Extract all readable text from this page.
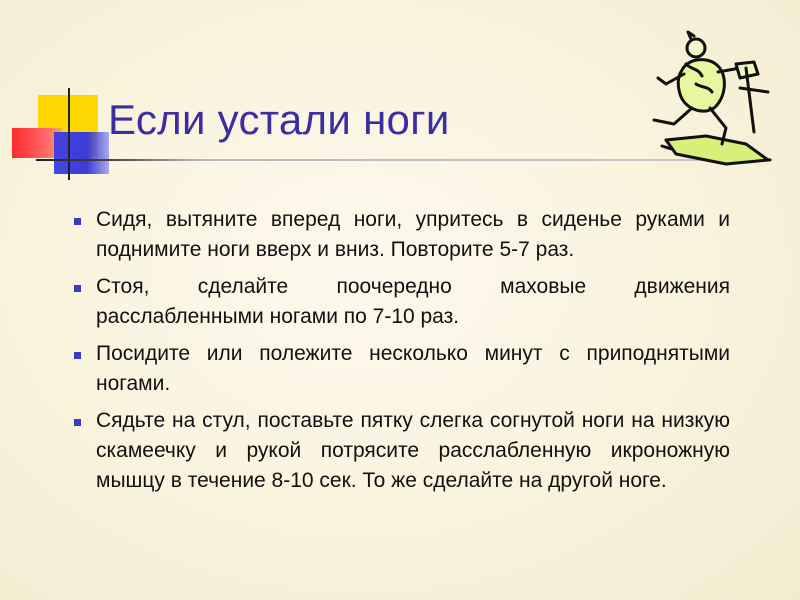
Если устали ноги
Сидя, вытяните вперед ноги, упритесь в сиденье руками и поднимите ноги вверх и вниз. Повторите 5-7 раз.
Стоя, сделайте поочередно маховые движения расслабленными ногами по 7-10 раз.
Посидите или полежите несколько минут с приподнятыми ногами.
Сядьте на стул, поставьте пятку слегка согнутой ноги на низкую скамеечку и рукой потрясите расслабленную икроножную мышцу в течение 8-10 сек. То же сделайте на другой ноге.
